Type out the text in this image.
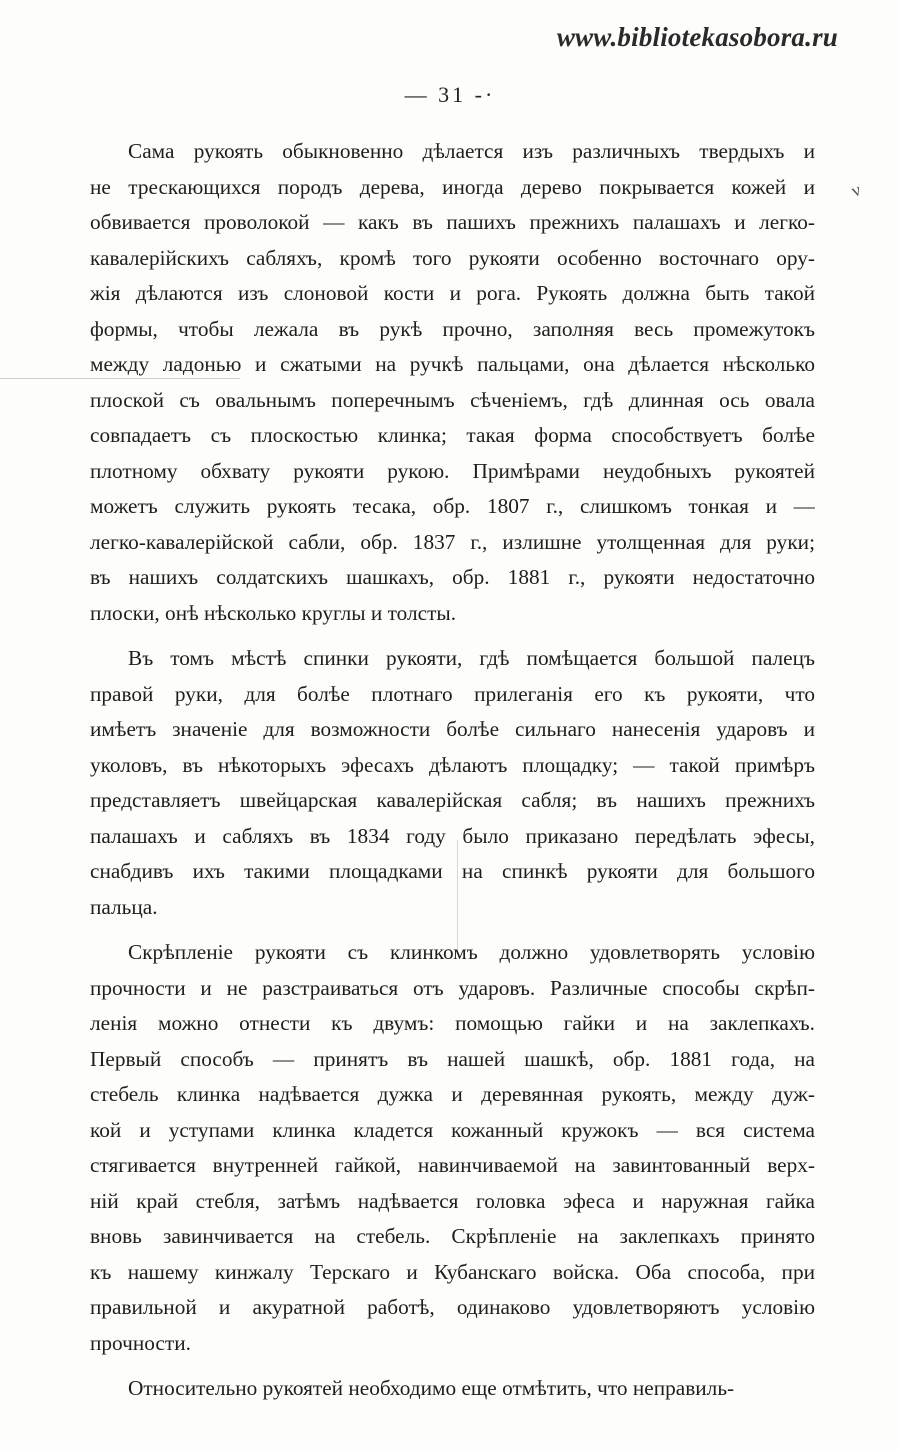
www.bibliotekasobora.ru
— 31 -·
ν
Сама рукоять обыкновенно дѣлается изъ различныхъ твердыхъ и
не трескающихся породъ дерева, иногда дерево покрывается кожей и
обвивается проволокой — какъ въ пашихъ прежнихъ палашахъ и легко-
кавалерійскихъ сабляхъ, кромѣ того рукояти особенно восточнаго ору-
жія дѣлаются изъ слоновой кости и рога. Рукоять должна быть такой
формы, чтобы лежала въ рукѣ прочно, заполняя весь промежутокъ
между ладонью и сжатыми на ручкѣ пальцами, она дѣлается нѣсколько
плоской съ овальнымъ поперечнымъ сѣченіемъ, гдѣ длинная ось овала
совпадаетъ съ плоскостью клинка; такая форма способствуетъ болѣе
плотному обхвату рукояти рукою. Примѣрами неудобныхъ рукоятей
можетъ служить рукоять тесака, обр. 1807 г., слишкомъ тонкая и —
легко-кавалерійской сабли, обр. 1837 г., излишне утолщенная для руки;
въ нашихъ солдатскихъ шашкахъ, обр. 1881 г., рукояти недостаточно
плоски, онѣ нѣсколько круглы и толсты.
Въ томъ мѣстѣ спинки рукояти, гдѣ помѣщается большой палецъ
правой руки, для болѣе плотнаго прилеганія его къ рукояти, что
имѣетъ значеніе для возможности болѣе сильнаго нанесенія ударовъ и
уколовъ, въ нѣкоторыхъ эфесахъ дѣлаютъ площадку; — такой примѣръ
представляетъ швейцарская кавалерійская сабля; въ нашихъ прежнихъ
палашахъ и сабляхъ въ 1834 году было приказано передѣлать эфесы,
снабдивъ ихъ такими площадками на спинкѣ рукояти для большого
пальца.
Скрѣпленіе рукояти съ клинкомъ должно удовлетворять условію
прочности и не разстраиваться отъ ударовъ. Различные способы скрѣп-
ленія можно отнести къ двумъ: помощью гайки и на заклепкахъ.
Первый способъ — принятъ въ нашей шашкѣ, обр. 1881 года, на
стебель клинка надѣвается дужка и деревянная рукоять, между дуж-
кой и уступами клинка кладется кожанный кружокъ — вся система
стягивается внутренней гайкой, навинчиваемой на завинтованный верх-
ній край стебля, затѣмъ надѣвается головка эфеса и наружная гайка
вновь завинчивается на стебель. Скрѣпленіе на заклепкахъ принято
къ нашему кинжалу Терскаго и Кубанскаго войска. Оба способа, при
правильной и акуратной работѣ, одинаково удовлетворяютъ условію
прочности.
Относительно рукоятей необходимо еще отмѣтить, что неправиль-
